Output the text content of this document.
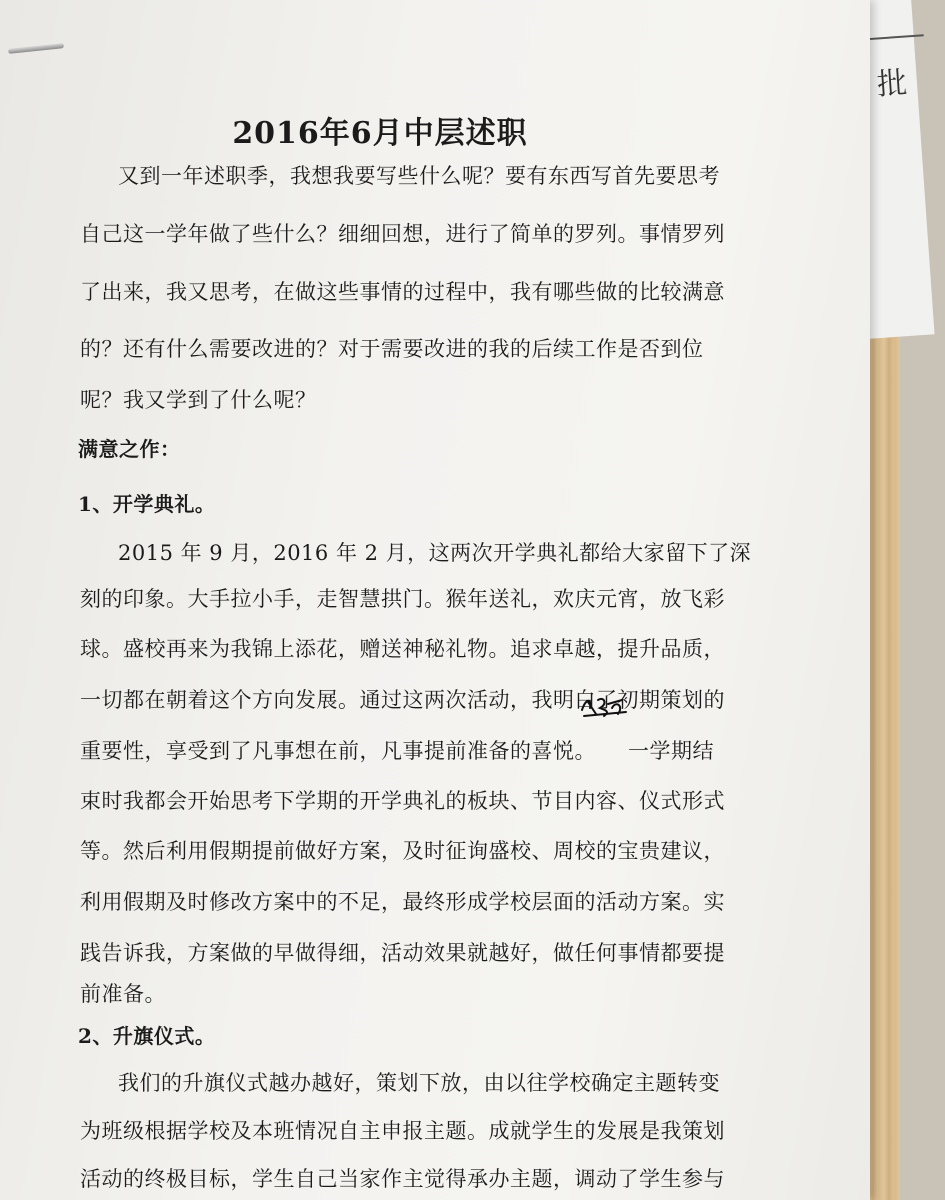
批
2016年6月中层述职
又到一年述职季，我想我要写些什么呢？要有东西写首先要思考
自己这一学年做了些什么？细细回想，进行了简单的罗列。事情罗列
了出来，我又思考，在做这些事情的过程中，我有哪些做的比较满意
的？还有什么需要改进的？对于需要改进的我的后续工作是否到位
呢？我又学到了什么呢？
满意之作：
1、开学典礼。
2015 年 9 月，2016 年 2 月，这两次开学典礼都给大家留下了深
刻的印象。大手拉小手，走智慧拱门。猴年送礼，欢庆元宵，放飞彩
球。盛校再来为我锦上添花，赠送神秘礼物。追求卓越，提升品质，
一切都在朝着这个方向发展。通过这两次活动，我明白了初期策划的
重要性，享受到了凡事想在前，凡事提前准备的喜悦。 一学期结
束时我都会开始思考下学期的开学典礼的板块、节目内容、仪式形式
等。然后利用假期提前做好方案，及时征询盛校、周校的宝贵建议，
利用假期及时修改方案中的不足，最终形成学校层面的活动方案。实
践告诉我，方案做的早做得细，活动效果就越好，做任何事情都要提
前准备。
2、升旗仪式。
我们的升旗仪式越办越好，策划下放，由以往学校确定主题转变
为班级根据学校及本班情况自主申报主题。成就学生的发展是我策划
活动的终极目标，学生自己当家作主觉得承办主题，调动了学生参与
